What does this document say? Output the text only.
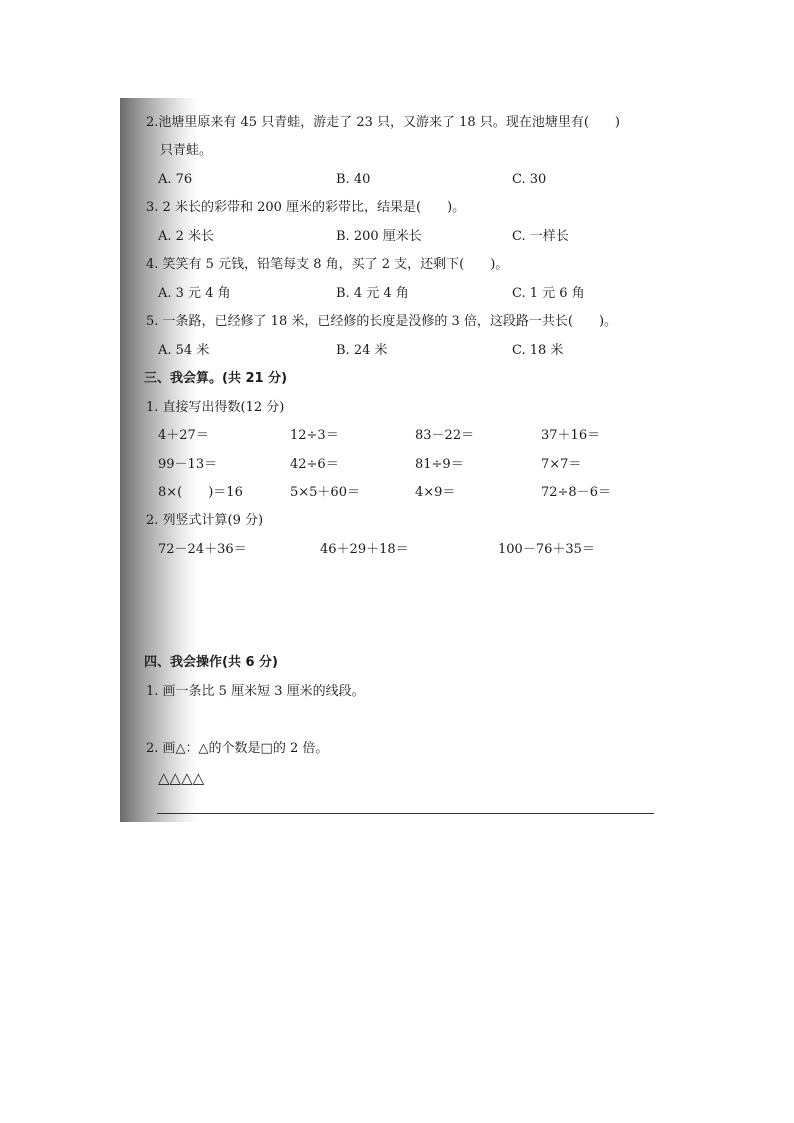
2.池塘里原来有 45 只青蛙，游走了 23 只，又游来了 18 只。现在池塘里有(　　)
只青蛙。
A. 76	B. 40	C. 30
3. 2 米长的彩带和 200 厘米的彩带比，结果是(　　)。
A. 2 米长	B. 200 厘米长	C. 一样长
4. 笑笑有 5 元钱，铅笔每支 8 角，买了 2 支，还剩下(　　)。
A. 3 元 4 角	B. 4 元 4 角	C. 1 元 6 角
5. 一条路，已经修了 18 米，已经修的长度是没修的 3 倍，这段路一共长(　　)。
A. 54 米	B. 24 米	C. 18 米
三、我会算。(共 21 分)
1. 直接写出得数(12 分)
4＋27＝	12÷3＝	83－22＝	37＋16＝
99－13＝	42÷6＝	81÷9＝	7×7＝
8×(　　)＝16	5×5＋60＝	4×9＝	72÷8－6＝
2. 列竖式计算(9 分)
72－24＋36＝	46＋29＋18＝	100－76＋35＝
四、我会操作(共 6 分)
1. 画一条比 5 厘米短 3 厘米的线段。
2. 画△：△的个数是□的 2 倍。
△△△△
